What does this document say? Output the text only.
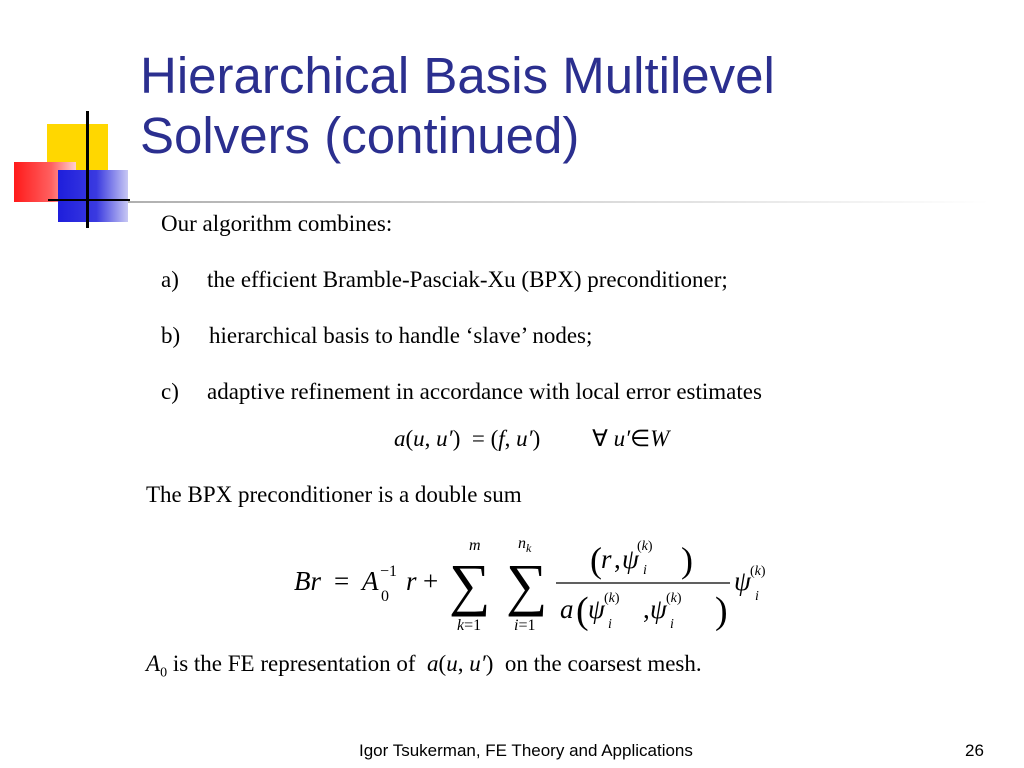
Hierarchical Basis Multilevel
Solvers (continued)
Our algorithm combines:
a) the efficient Bramble-Pasciak-Xu (BPX) preconditioner;
b) hierarchical basis to handle ‘slave’ nodes;
c) adaptive refinement in accordance with local error estimates
a(u, u′)  = (f, u′)         ∀ u′∈W
The BPX preconditioner is a double sum
Br = A −1
0
r + ∑
m
k=1
∑
$n_k$
i=1
( r , ψ
(k)
i )
a ( ψ (k)
i
, ψ (k)
i )
ψ (k)
i
$A_0$ is the FE representation of a(u, u′)  on the coarsest mesh.
Igor Tsukerman, FE Theory and Applications	26
